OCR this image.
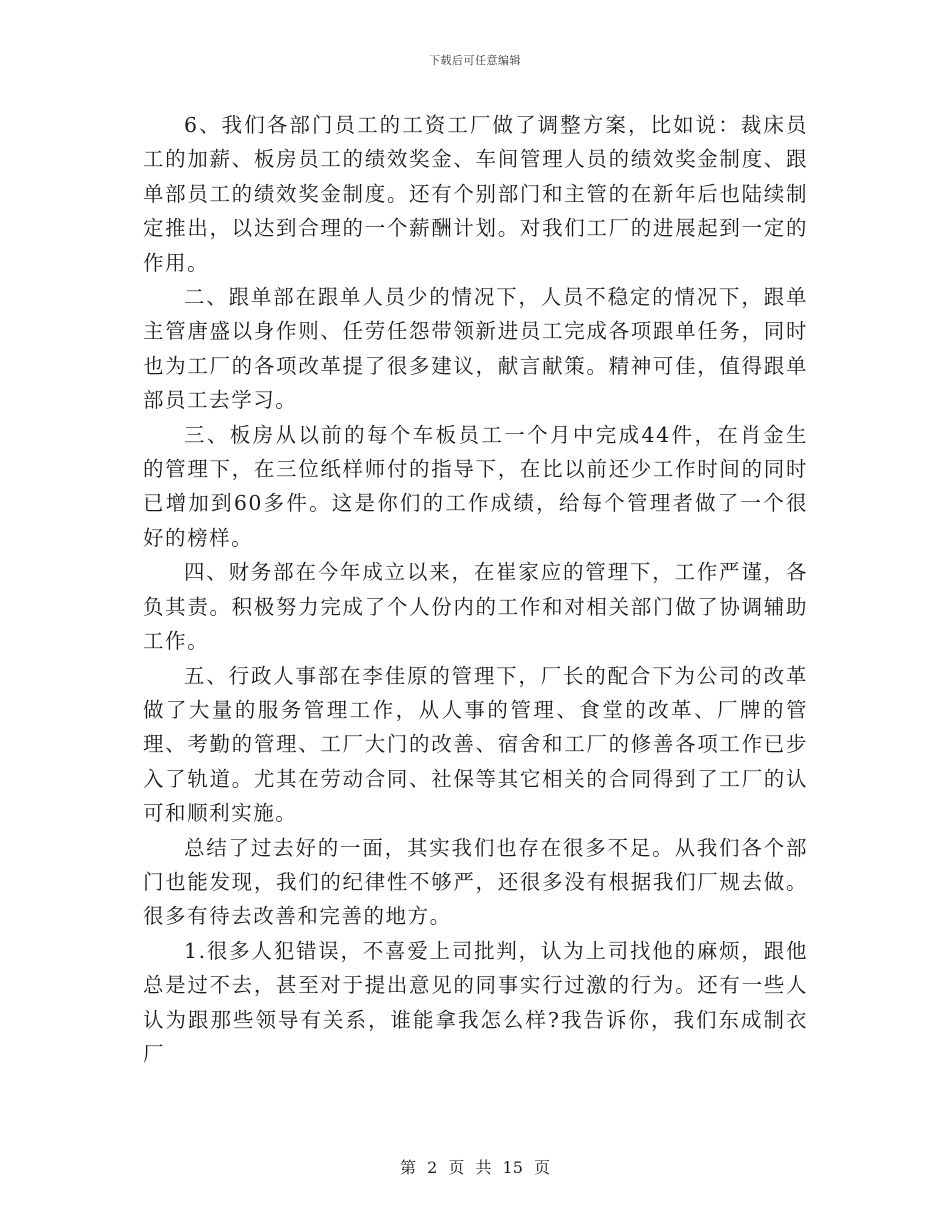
下载后可任意编辑

6、我们各部门员工的工资工厂做了调整方案，比如说：裁床员工的加薪、板房员工的绩效奖金、车间管理人员的绩效奖金制度、跟单部员工的绩效奖金制度。还有个别部门和主管的在新年后也陆续制定推出，以达到合理的一个薪酬计划。对我们工厂的进展起到一定的作用。

二、跟单部在跟单人员少的情况下，人员不稳定的情况下，跟单主管唐盛以身作则、任劳任怨带领新进员工完成各项跟单任务，同时也为工厂的各项改革提了很多建议，献言献策。精神可佳，值得跟单部员工去学习。

三、板房从以前的每个车板员工一个月中完成44件，在肖金生的管理下，在三位纸样师付的指导下，在比以前还少工作时间的同时已增加到60多件。这是你们的工作成绩，给每个管理者做了一个很好的榜样。

四、财务部在今年成立以来，在崔家应的管理下，工作严谨，各负其责。积极努力完成了个人份内的工作和对相关部门做了协调辅助工作。

五、行政人事部在李佳原的管理下，厂长的配合下为公司的改革做了大量的服务管理工作，从人事的管理、食堂的改革、厂牌的管理、考勤的管理、工厂大门的改善、宿舍和工厂的修善各项工作已步入了轨道。尤其在劳动合同、社保等其它相关的合同得到了工厂的认可和顺利实施。

总结了过去好的一面，其实我们也存在很多不足。从我们各个部门也能发现，我们的纪律性不够严，还很多没有根据我们厂规去做。很多有待去改善和完善的地方。

1.很多人犯错误，不喜爱上司批判，认为上司找他的麻烦，跟他总是过不去，甚至对于提出意见的同事实行过激的行为。还有一些人认为跟那些领导有关系，谁能拿我怎么样?我告诉你，我们东成制衣厂

第 2 页 共 15 页
